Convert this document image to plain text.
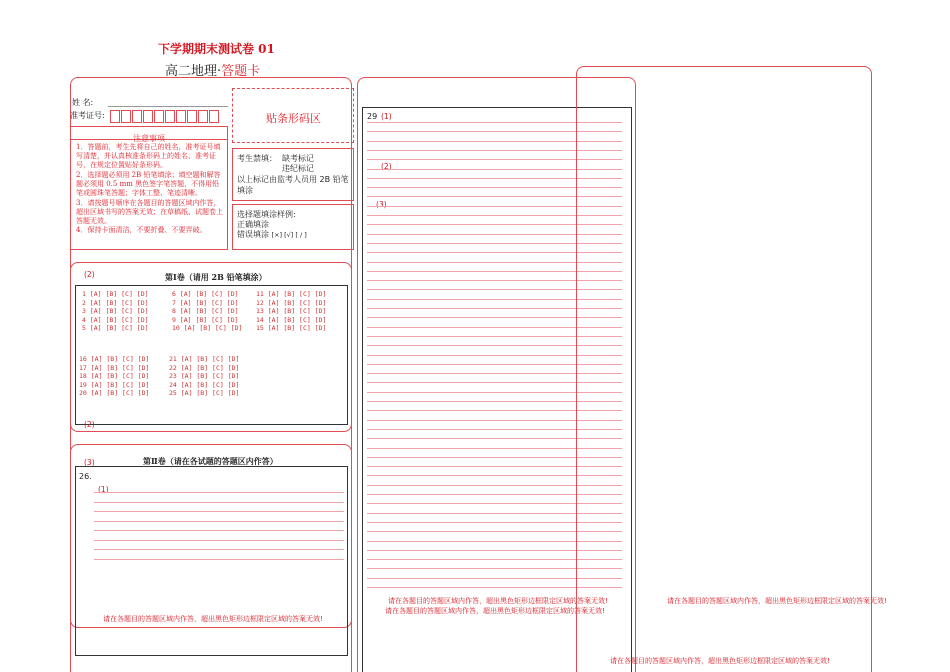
下学期期末测试卷 01
高二地理·答题卡
姓 名:
准考证号:	贴条形码区
注意事项
1．答题前，考生先将自己的姓名，准考证号填写清楚，并认真核准条形码上的姓名、准考证号，在规定位置贴好条形码。
2．选择题必须用 2B 铅笔填涂；填空题和解答题必须用 0.5 mm 黑色签字笔答题，不得用铅笔或圆珠笔答题；字体工整、笔迹清晰。
3．请按题号顺序在各题目的答题区域内作答，超出区域书写的答案无效；在草稿纸、试题卷上答题无效。
4．保持卡面清洁，不要折叠、不要弄破。
考生禁填： 缺考标记
违纪标记
以上标记由监考人员用 2B 铅笔填涂
选择题填涂样例:
正确填涂
错误填涂 [×] [√] [ / ]
(2)	第Ⅰ卷（请用 2B 铅笔填涂）
1 [A] [B] [C] [D]	6 [A] [B] [C] [D]	11 [A] [B] [C] [D]
2 [A] [B] [C] [D]	7 [A] [B] [C] [D]	12 [A] [B] [C] [D]
3 [A] [B] [C] [D]	8 [A] [B] [C] [D]	13 [A] [B] [C] [D]
4 [A] [B] [C] [D]	9 [A] [B] [C] [D]	14 [A] [B] [C] [D]
5 [A] [B] [C] [D]	10 [A] [B] [C] [D] 15 [A] [B] [C] [D]
16 [A] [B] [C] [D]	21 [A] [B] [C] [D]
17 [A] [B] [C] [D]	22 [A] [B] [C] [D]
18 [A] [B] [C] [D]	23 [A] [B] [C] [D]
19 [A] [B] [C] [D]	24 [A] [B] [C] [D]
20 [A] [B] [C] [D]	25 [A] [B] [C] [D]
(2)
(3)	第Ⅱ卷（请在各试题的答题区内作答）
26．
(1)
请在各题目的答题区域内作答，超出黑色矩形边框限定区域的答案无效!
29 (1)
(2)
(3)
请在各题目的答题区域内作答，超出黑色矩形边框限定区域的答案无效!
请在各题目的答题区域内作答，超出黑色矩形边框限定区域的答案无效!
请在各题目的答题区域内作答，超出黑色矩形边框限定区域的答案无效!
请在各题目的答题区域内作答，超出黑色矩形边框限定区域的答案无效!
